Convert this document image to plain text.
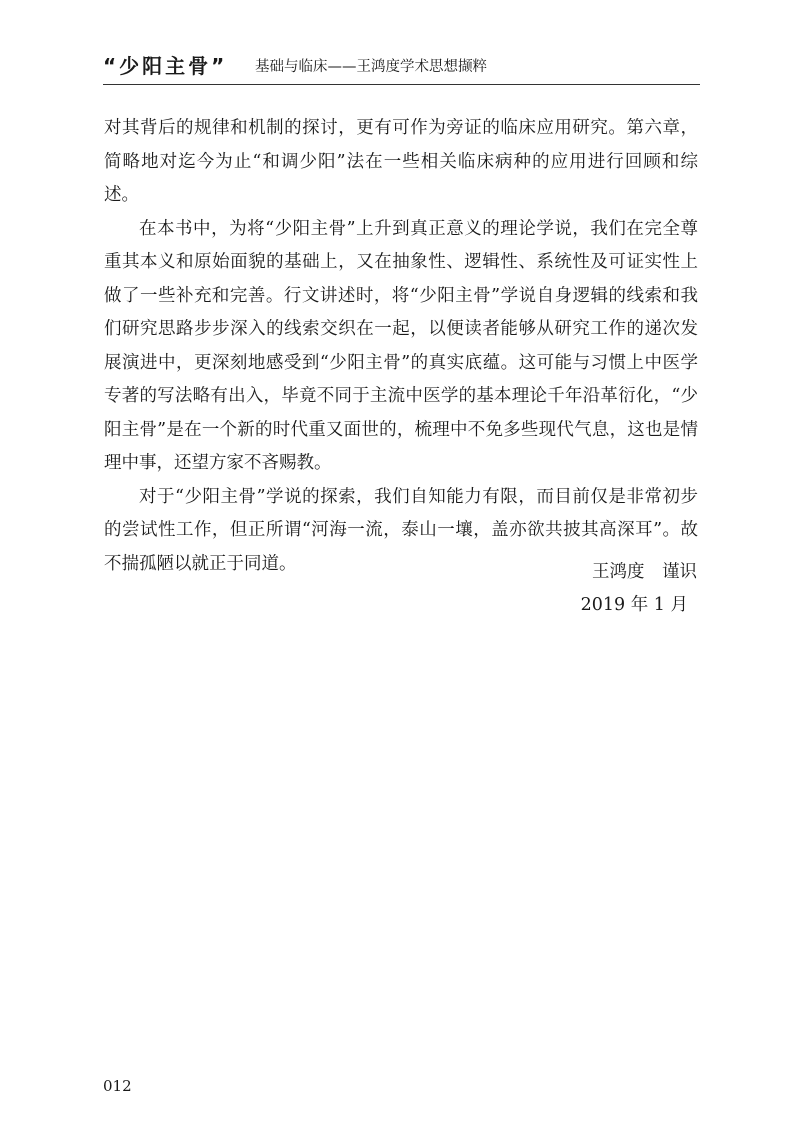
“少阳主骨” 基础与临床——王鸿度学术思想撷粹

对其背后的规律和机制的探讨，更有可作为旁证的临床应用研究。第六章，简略地对迄今为止“和调少阳”法在一些相关临床病种的应用进行回顾和综述。

在本书中，为将“少阳主骨”上升到真正意义的理论学说，我们在完全尊重其本义和原始面貌的基础上，又在抽象性、逻辑性、系统性及可证实性上做了一些补充和完善。行文讲述时，将“少阳主骨”学说自身逻辑的线索和我们研究思路步步深入的线索交织在一起，以便读者能够从研究工作的递次发展演进中，更深刻地感受到“少阳主骨”的真实底蕴。这可能与习惯上中医学专著的写法略有出入，毕竟不同于主流中医学的基本理论千年沿革衍化，“少阳主骨”是在一个新的时代重又面世的，梳理中不免多些现代气息，这也是情理中事，还望方家不吝赐教。

对于“少阳主骨”学说的探索，我们自知能力有限，而目前仅是非常初步的尝试性工作，但正所谓“河海一流，泰山一壤，盖亦欲共披其高深耳”。故不揣孤陋以就正于同道。	王鸿度　谨识
2019 年 1 月
012
